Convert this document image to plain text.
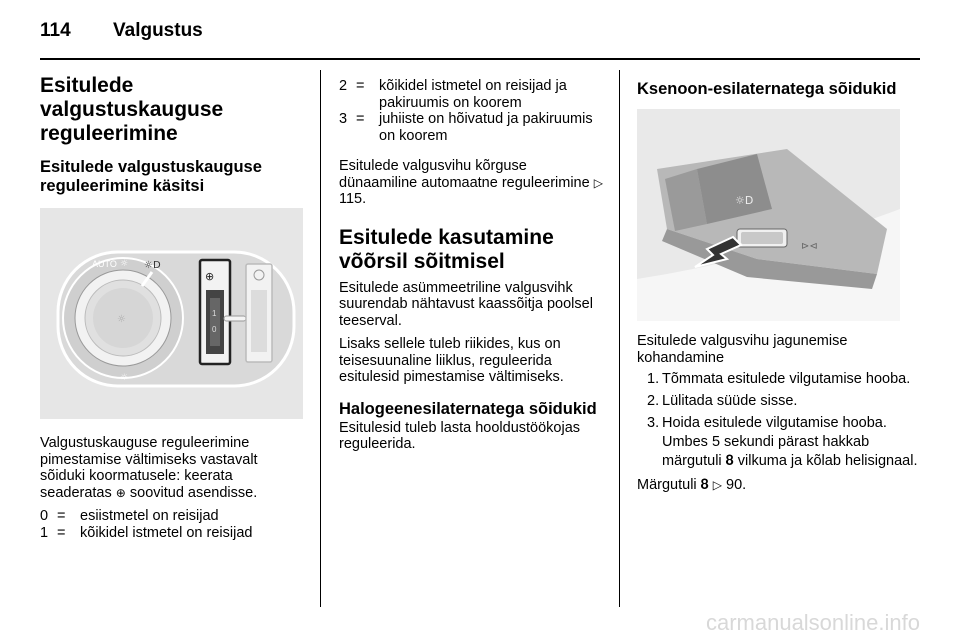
114 Valgustus
Esitulede valgustuskauguse reguleerimine
Esitulede valgustuskauguse reguleerimine käsitsi
AUTO ☼ ☼D
☼
☼
⊕
1
0

Valgustuskauguse reguleerimine pimestamise vältimiseks vastavalt sõiduki koormatusele: keerata seaderatas ⊕ soovitud asendisse.

0 = esiistmetel on reisijad
1 = kõikidel istmetel on reisijad
2 = kõikidel istmetel on reisijad ja pakiruumis on koorem
3 = juhiiste on hõivatud ja pakiruumis on koorem

Esitulede valgusvihu kõrguse dünaamiline automaatne reguleerimine ▷ 115.

Esitulede kasutamine võõrsil sõitmisel

Esitulede asümmeetriline valgusvihk suurendab nähtavust kaassõitja poolsel teeserval.

Lisaks sellele tuleb riikides, kus on teisesuunaline liiklus, reguleerida esitulesid pimestamise vältimiseks.

Halogeenesilaternatega sõidukid

Esitulesid tuleb lasta hooldustöökojas reguleerida.

Ksenoon-esilaternatega sõidukid
☼D
⊳⊲

Esitulede valgusvihu jagunemise kohandamine

1. Tõmmata esitulede vilgutamise hooba.
2. Lülitada süüde sisse.
3. Hoida esitulede vilgutamise hooba. Umbes 5 sekundi pärast hakkab märgutuli 𝟖 vilkuma ja kõlab helisignaal.

Märgutuli 𝟖 ▷ 90.

carmanualsonline.info
